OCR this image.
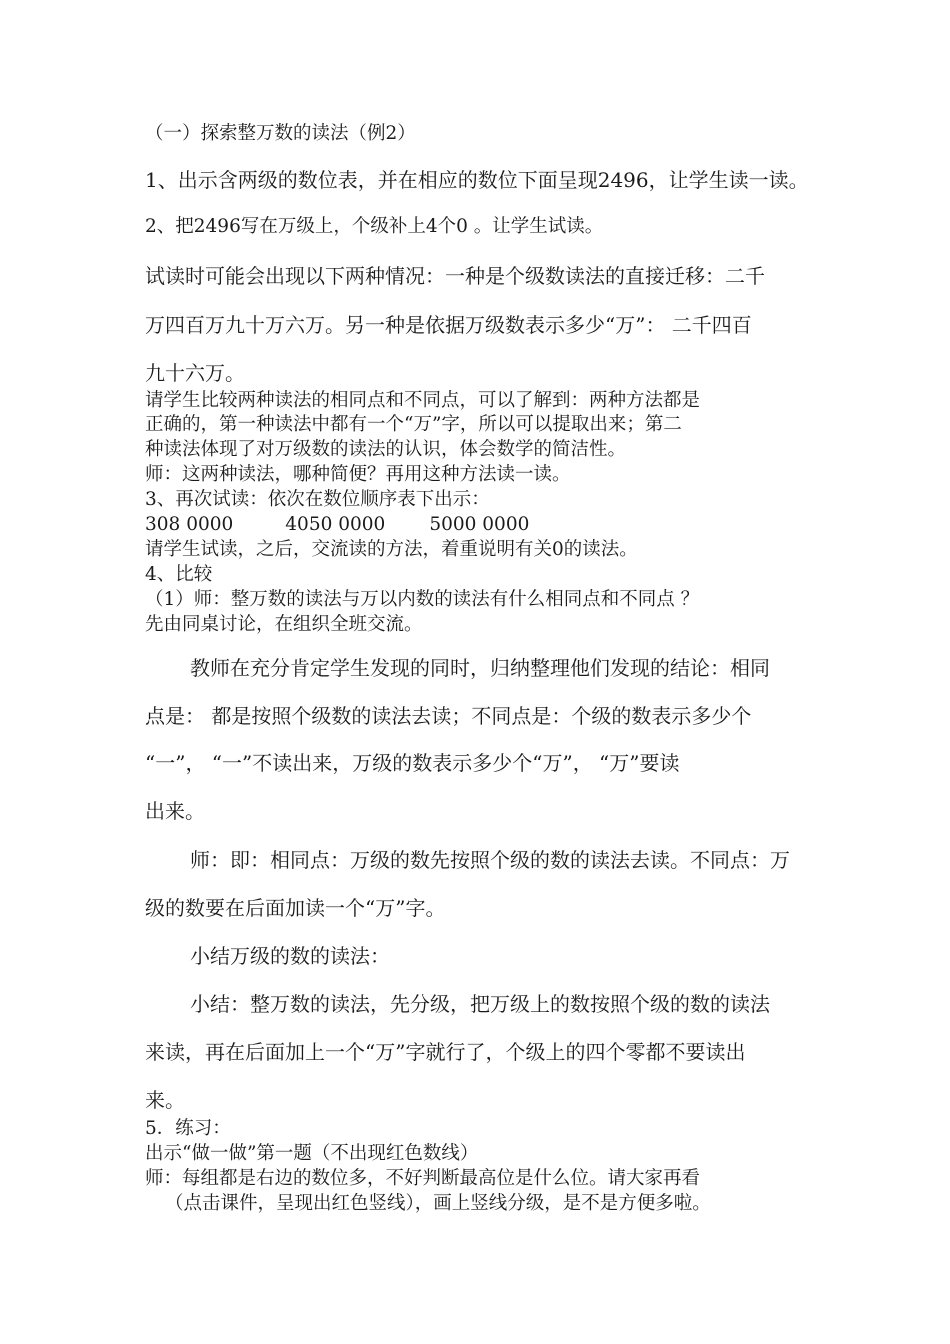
（一）探索整万数的读法（例2）
1、出示含两级的数位表，并在相应的数位下面呈现2496，让学生读一读。
2、把2496写在万级上，个级补上4个0 。让学生试读。
试读时可能会出现以下两种情况：一种是个级数读法的直接迁移：二千
万四百万九十万六万。另一种是依据万级数表示多少“万”： 二千四百
九十六万。
请学生比较两种读法的相同点和不同点，可以了解到：两种方法都是
正确的，第一种读法中都有一个“万”字，所以可以提取出来；第二
种读法体现了对万级数的读法的认识，体会数学的简洁性。
师：这两种读法，哪种简便？再用这种方法读一读。
3、再次试读：依次在数位顺序表下出示：
308 0000	4050 0000 5000 0000
请学生试读，之后，交流读的方法，着重说明有关0的读法。
4、比较
（1）师：整万数的读法与万以内数的读法有什么相同点和不同点 ？
先由同桌讨论，在组织全班交流。
教师在充分肯定学生发现的同时，归纳整理他们发现的结论：相同
点是： 都是按照个级数的读法去读；不同点是：个级的数表示多少个
“一”， “一”不读出来，万级的数表示多少个“万”， “万”要读
出来。
师：即：相同点：万级的数先按照个级的数的读法去读。不同点：万
级的数要在后面加读一个“万”字。
小结万级的数的读法：
小结：整万数的读法，先分级，把万级上的数按照个级的数的读法
来读，再在后面加上一个“万”字就行了，个级上的四个零都不要读出
来。
5．练习：
出示“做一做”第一题（不出现红色数线）
师：每组都是右边的数位多，不好判断最高位是什么位。请大家再看
（点击课件，呈现出红色竖线），画上竖线分级，是不是方便多啦。
